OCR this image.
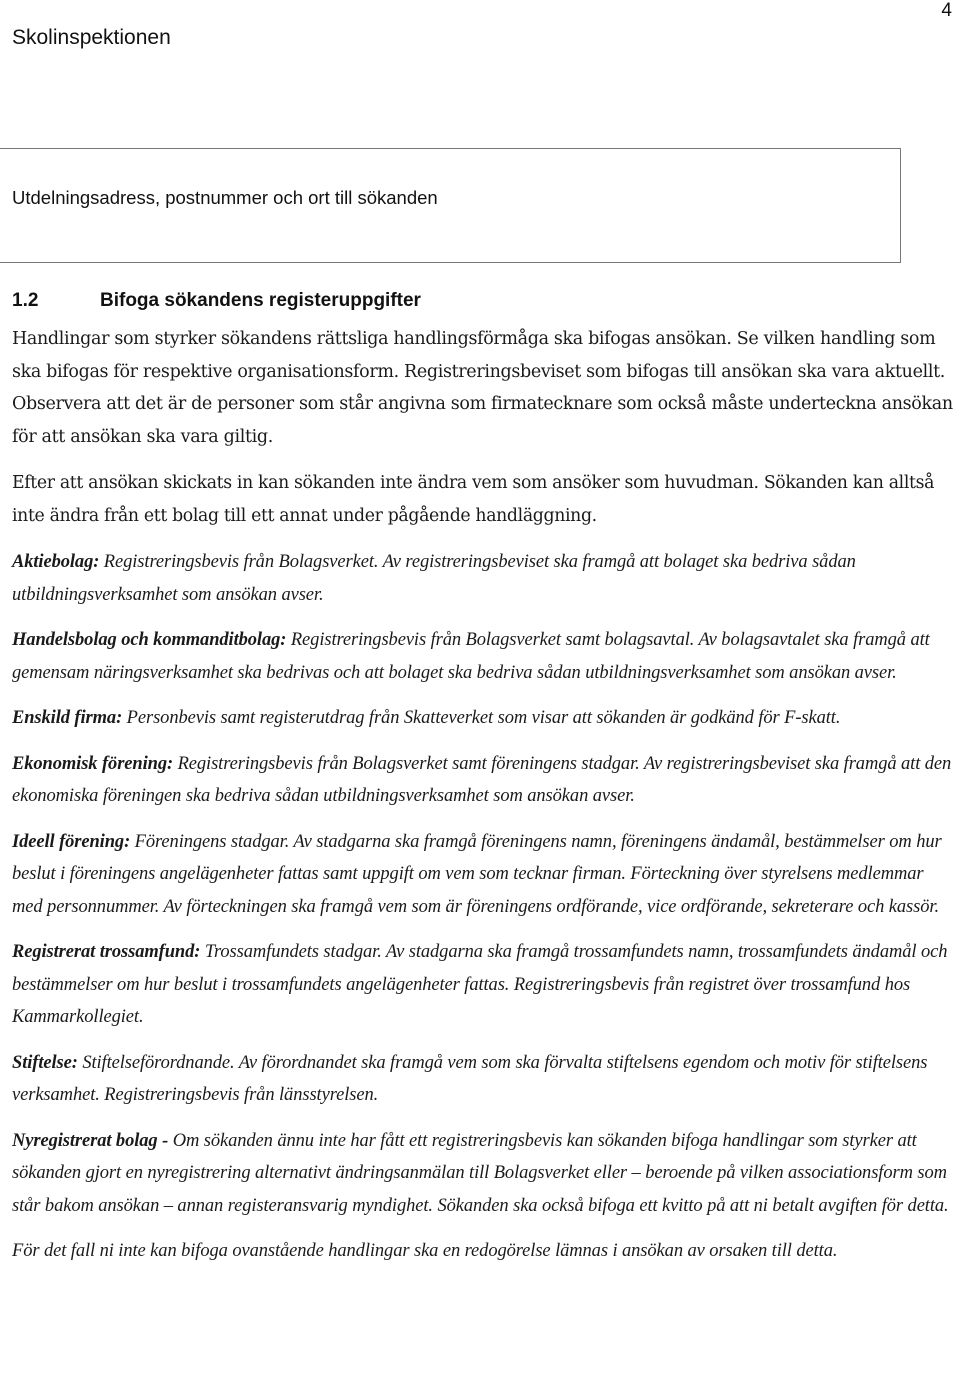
Skolinspektionen
4
Utdelningsadress, postnummer och ort till sökanden
1.2	Bifoga sökandens registeruppgifter

Handlingar som styrker sökandens rättsliga handlingsförmåga ska bifogas ansökan. Se vilken handling som ska bifogas för respektive organisationsform. Registreringsbeviset som bifogas till ansökan ska vara aktuellt. Observera att det är de personer som står angivna som firmatecknare som också måste underteckna ansökan för att ansökan ska vara giltig.

Efter att ansökan skickats in kan sökanden inte ändra vem som ansöker som huvudman. Sökanden kan alltså inte ändra från ett bolag till ett annat under pågående handläggning.

Aktiebolag: Registreringsbevis från Bolagsverket. Av registreringsbeviset ska framgå att bolaget ska bedriva sådan utbildningsverksamhet som ansökan avser.

Handelsbolag och kommanditbolag: Registreringsbevis från Bolagsverket samt bolagsavtal. Av bolagsavtalet ska framgå att gemensam näringsverksamhet ska bedrivas och att bolaget ska bedriva sådan utbildningsverksamhet som ansökan avser.

Enskild firma: Personbevis samt registerutdrag från Skatteverket som visar att sökanden är godkänd för F-skatt.

Ekonomisk förening: Registreringsbevis från Bolagsverket samt föreningens stadgar. Av registreringsbeviset ska framgå att den ekonomiska föreningen ska bedriva sådan utbildningsverksamhet som ansökan avser.

Ideell förening: Föreningens stadgar. Av stadgarna ska framgå föreningens namn, föreningens ändamål, bestämmelser om hur beslut i föreningens angelägenheter fattas samt uppgift om vem som tecknar firman. Förteckning över styrelsens medlemmar med personnummer. Av förteckningen ska framgå vem som är föreningens ordförande, vice ordförande, sekreterare och kassör.

Registrerat trossamfund: Trossamfundets stadgar. Av stadgarna ska framgå trossamfundets namn, trossamfundets ändamål och bestämmelser om hur beslut i trossamfundets angelägenheter fattas. Registreringsbevis från registret över trossamfund hos Kammarkollegiet.

Stiftelse: Stiftelseförordnande. Av förordnandet ska framgå vem som ska förvalta stiftelsens egendom och motiv för stiftelsens verksamhet. Registreringsbevis från länsstyrelsen.

Nyregistrerat bolag - Om sökanden ännu inte har fått ett registreringsbevis kan sökanden bifoga handlingar som styrker att sökanden gjort en nyregistrering alternativt ändringsanmälan till Bolagsverket eller – beroende på vilken associationsform som står bakom ansökan – annan registeransvarig myndighet. Sökanden ska också bifoga ett kvitto på att ni betalt avgiften för detta.

För det fall ni inte kan bifoga ovanstående handlingar ska en redogörelse lämnas i ansökan av orsaken till detta.
